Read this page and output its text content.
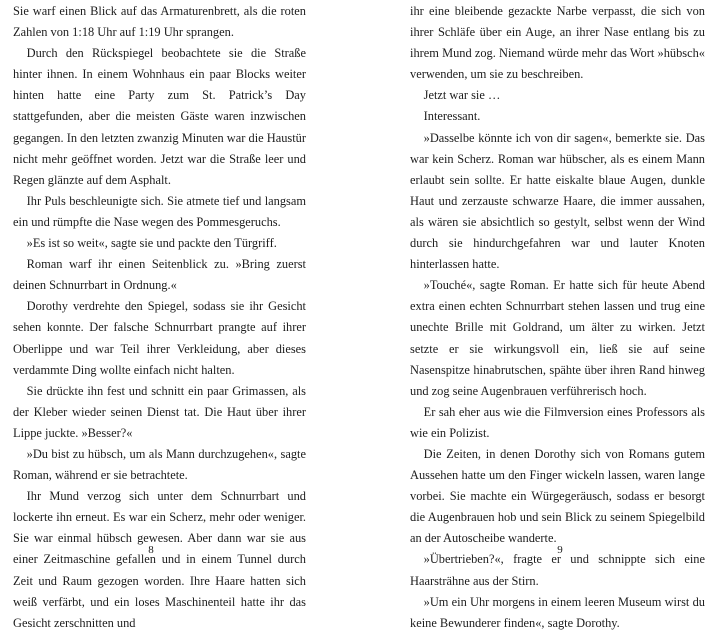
Sie warf einen Blick auf das Armaturenbrett, als die roten Zahlen von 1:18 Uhr auf 1:19 Uhr sprangen.

Durch den Rückspiegel beobachtete sie die Straße hinter ihnen. In einem Wohnhaus ein paar Blocks weiter hinten hatte eine Party zum St. Patrick’s Day stattgefunden, aber die meisten Gäste waren inzwischen gegangen. In den letzten zwanzig Minuten war die Haustür nicht mehr geöffnet worden. Jetzt war die Straße leer und Regen glänzte auf dem Asphalt.

Ihr Puls beschleunigte sich. Sie atmete tief und langsam ein und rümpfte die Nase wegen des Pommesgeruchs.

»Es ist so weit«, sagte sie und packte den Türgriff.

Roman warf ihr einen Seitenblick zu. »Bring zuerst deinen Schnurrbart in Ordnung.«

Dorothy verdrehte den Spiegel, sodass sie ihr Gesicht sehen konnte. Der falsche Schnurrbart prangte auf ihrer Oberlippe und war Teil ihrer Verkleidung, aber dieses verdammte Ding wollte einfach nicht halten.

Sie drückte ihn fest und schnitt ein paar Grimassen, als der Kleber wieder seinen Dienst tat. Die Haut über ihrer Lippe juckte. »Besser?«

»Du bist zu hübsch, um als Mann durchzugehen«, sagte Roman, während er sie betrachtete.

Ihr Mund verzog sich unter dem Schnurrbart und lockerte ihn erneut. Es war ein Scherz, mehr oder weniger. Sie war einmal hübsch gewesen. Aber dann war sie aus einer Zeitmaschine gefallen und in einem Tunnel durch Zeit und Raum gezogen worden. Ihre Haare hatten sich weiß verfärbt, und ein loses Maschinenteil hatte ihr das Gesicht zerschnitten und

8

ihr eine bleibende gezackte Narbe verpasst, die sich von ihrer Schläfe über ein Auge, an ihrer Nase entlang bis zu ihrem Mund zog. Niemand würde mehr das Wort »hübsch« verwenden, um sie zu beschreiben.

Jetzt war sie …

Interessant.

»Dasselbe könnte ich von dir sagen«, bemerkte sie. Das war kein Scherz. Roman war hübscher, als es einem Mann erlaubt sein sollte. Er hatte eiskalte blaue Augen, dunkle Haut und zerzauste schwarze Haare, die immer aussahen, als wären sie absichtlich so gestylt, selbst wenn der Wind durch sie hindurchgefahren war und lauter Knoten hinterlassen hatte.

»Touché«, sagte Roman. Er hatte sich für heute Abend extra einen echten Schnurrbart stehen lassen und trug eine unechte Brille mit Goldrand, um älter zu wirken. Jetzt setzte er sie wirkungsvoll ein, ließ sie auf seine Nasenspitze hinabrutschen, spähte über ihren Rand hinweg und zog seine Augenbrauen verführerisch hoch.

Er sah eher aus wie die Filmversion eines Professors als wie ein Polizist.

Die Zeiten, in denen Dorothy sich von Romans gutem Aussehen hatte um den Finger wickeln lassen, waren lange vorbei. Sie machte ein Würgegeräusch, sodass er besorgt die Augenbrauen hob und sein Blick zu seinem Spiegelbild an der Autoscheibe wanderte.

»Übertrieben?«, fragte er und schnippte sich eine Haarsträhne aus der Stirn.

»Um ein Uhr morgens in einem leeren Museum wirst du keine Bewunderer finden«, sagte Dorothy.

9
